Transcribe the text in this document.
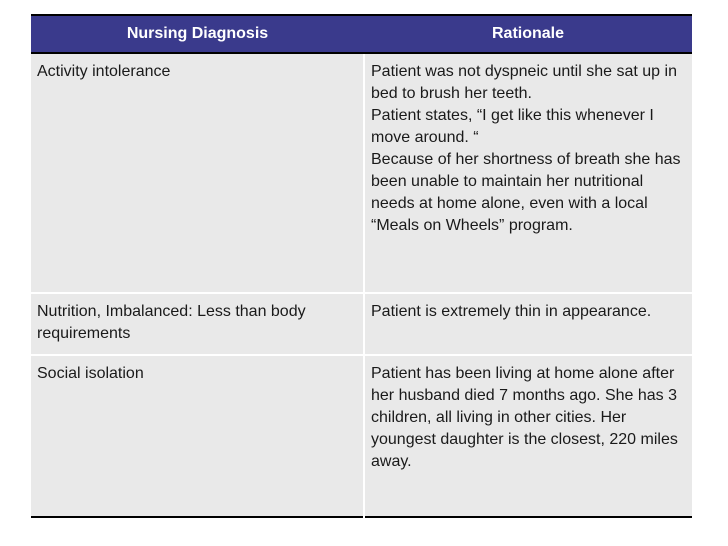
Nursing Diagnosis	Rationale
Activity intolerance	Patient was not dyspneic until she sat up in bed to brush her teeth.
Patient states, “I get like this whenever I move around. “
Because of her shortness of breath she has been unable to maintain her nutritional needs at home alone, even with a local “Meals on Wheels” program.

Nutrition, Imbalanced: Less than body requirements	Patient is extremely thin in appearance.

Social isolation	Patient has been living at home alone after her husband died 7 months ago. She has 3 children, all living in other cities. Her youngest daughter is the closest, 220 miles away.
